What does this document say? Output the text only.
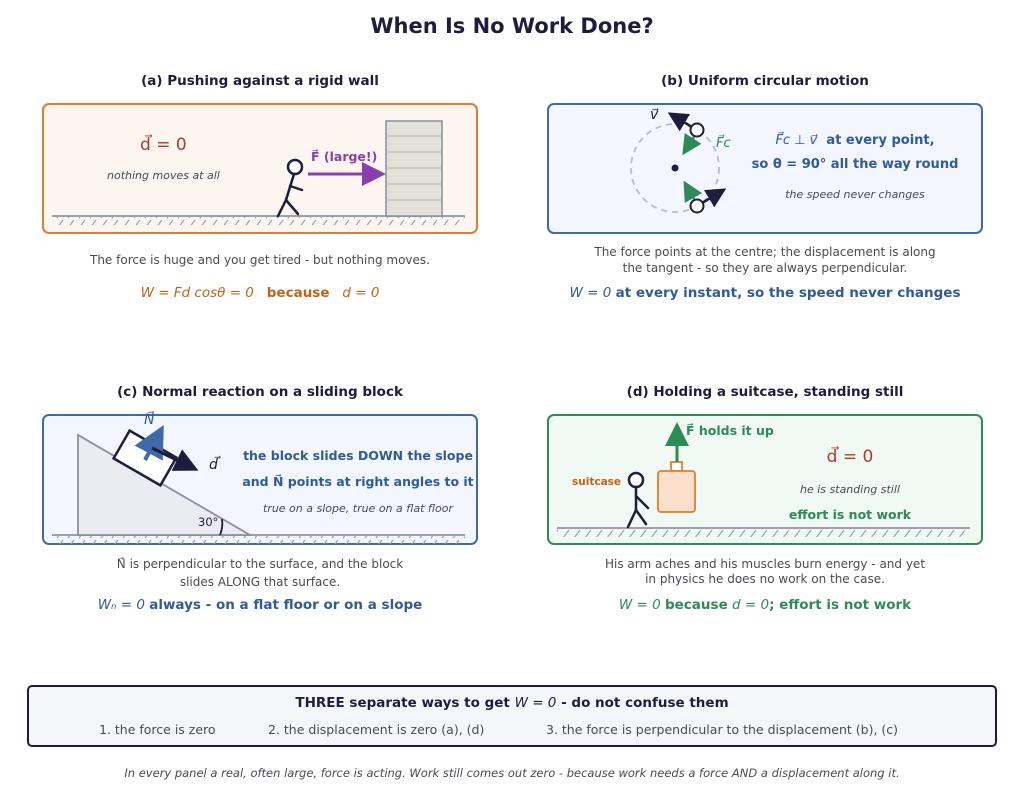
When Is No Work Done?
(a) Pushing against a rigid wall	(b) Uniform circular motion
(c) Normal reaction on a sliding block	(d) Holding a suitcase, standing still
d⃗ = 0
nothing moves at all
F⃗ (large!)
The force is huge and you get tired - but nothing moves.
W = Fd cosθ = 0 because d = 0
v⃗
F⃗c	F⃗c ⊥ v⃗ at every point,
so θ = 90° all the way round
the speed never changes
The force points at the centre; the displacement is along
the tangent - so they are always perpendicular.
W = 0 at every instant, so the speed never changes
N⃗
d⃗
30°
the block slides DOWN the slope
and N⃗ points at right angles to it
true on a slope, true on a flat floor
N⃗ is perpendicular to the surface, and the block
slides ALONG that surface.
Wₙ = 0 always - on a flat floor or on a slope
F⃗ holds it up
suitcase
d⃗ = 0
he is standing still
effort is not work
His arm aches and his muscles burn energy - and yet
in physics he does no work on the case.
W = 0 because d = 0; effort is not work
THREE separate ways to get W = 0 - do not confuse them
1. the force is zero	2. the displacement is zero (a), (d)	3. the force is perpendicular to the displacement (b), (c)
In every panel a real, often large, force is acting. Work still comes out zero - because work needs a force AND a displacement along it.
